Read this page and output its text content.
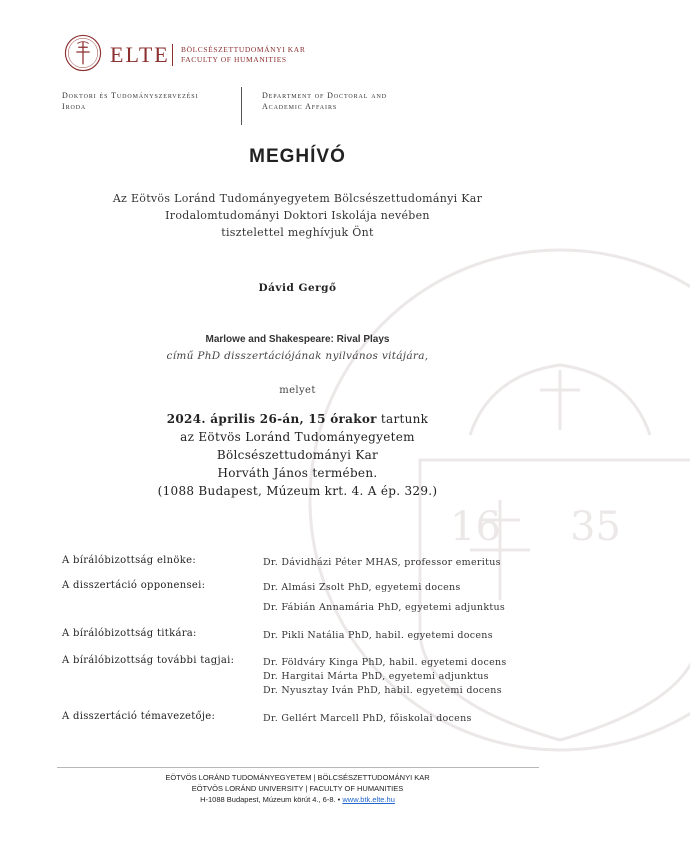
ELTE BÖLCSÉSZETTUDOMÁNYI KAR
FACULTY OF HUMANITIES
Doktori és Tudományszervezési
Iroda
Department of Doctoral and
Academic Affairs
16 35
MEGHÍVÓ
Az Eötvös Loránd Tudományegyetem Bölcsészettudományi Kar
Irodalomtudományi Doktori Iskolája nevében
tisztelettel meghívjuk Önt
Dávid Gergő
Marlowe and Shakespeare: Rival Plays
című PhD disszertációjának nyilvános vitájára,
melyet
2024. április 26-án, 15 órakor tartunk
az Eötvös Loránd Tudományegyetem
Bölcsészettudományi Kar
Horváth János termében.
(1088 Budapest, Múzeum krt. 4. A ép. 329.)
A bírálóbizottság elnöke:	Dr. Dávidházi Péter MHAS, professor emeritus
A disszertáció opponensei:	Dr. Almási Zsolt PhD, egyetemi docens
Dr. Fábián Annamária PhD, egyetemi adjunktus
A bírálóbizottság titkára:	Dr. Pikli Natália PhD, habil. egyetemi docens
A bírálóbizottság további tagjai:	Dr. Földváry Kinga PhD, habil. egyetemi docens
Dr. Hargitai Márta PhD, egyetemi adjunktus
Dr. Nyusztay Iván PhD, habil. egyetemi docens
A disszertáció témavezetője:	Dr. Gellért Marcell PhD, főiskolai docens
EÖTVÖS LORÁND TUDOMÁNYEGYETEM | BÖLCSÉSZETTUDOMÁNYI KAR
EÖTVÖS LORÁND UNIVERSITY | FACULTY OF HUMANITIES
H-1088 Budapest, Múzeum körút 4., 6-8. • www.btk.elte.hu
